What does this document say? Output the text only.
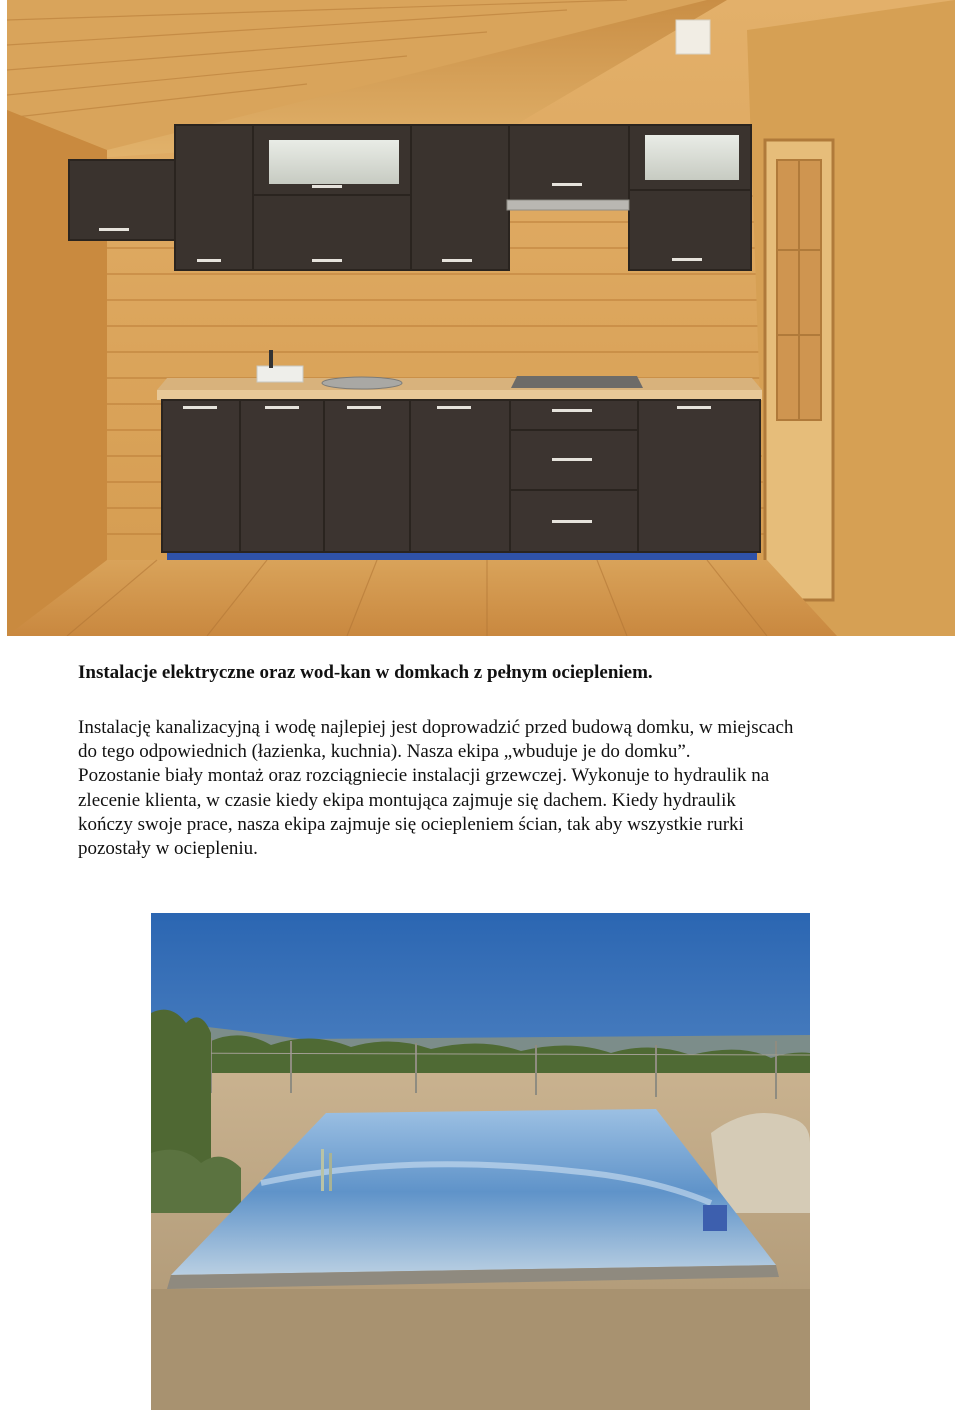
Instalacje elektryczne oraz wod-kan w domkach z pełnym ociepleniem.
Instalację kanalizacyjną i wodę najlepiej jest doprowadzić przed budową domku, w miejscach
do tego odpowiednich (łazienka, kuchnia). Nasza ekipa „wbuduje je do domku”.
Pozostanie biały montaż oraz rozciągniecie instalacji grzewczej. Wykonuje to hydraulik na
zlecenie klienta, w czasie kiedy ekipa montująca zajmuje się dachem. Kiedy hydraulik
kończy swoje prace, nasza ekipa zajmuje się ociepleniem ścian, tak aby wszystkie rurki
pozostały w ociepleniu.
